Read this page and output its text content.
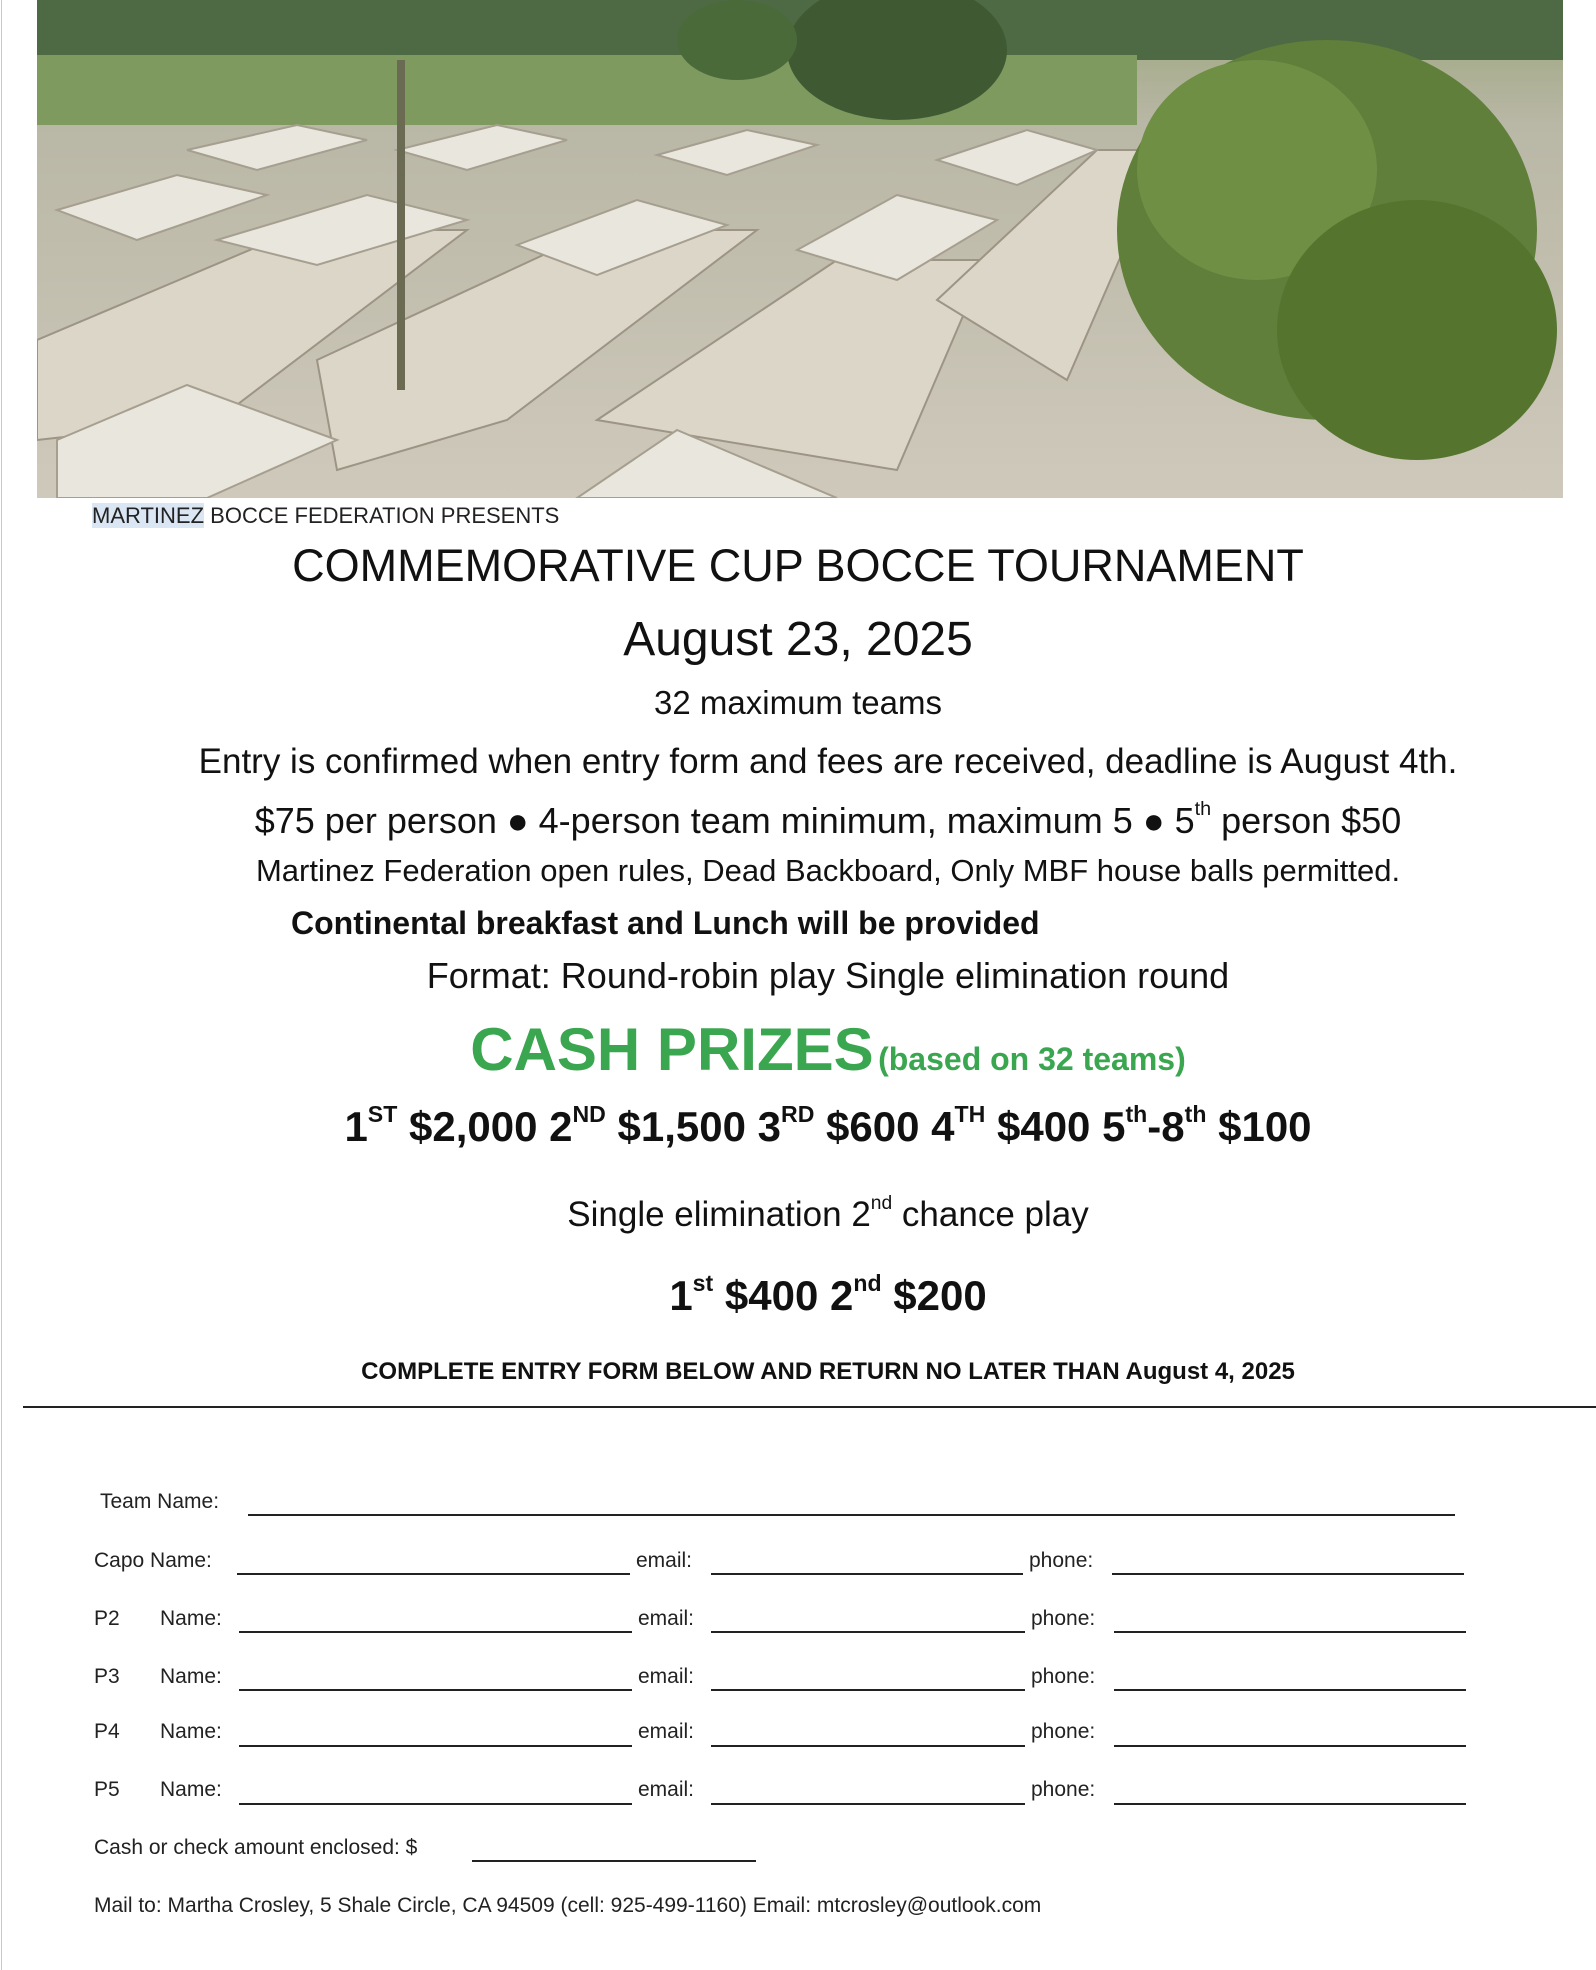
MARTINEZ BOCCE FEDERATION PRESENTS
COMMEMORATIVE CUP BOCCE TOURNAMENT
August 23, 2025
32 maximum teams
Entry is confirmed when entry form and fees are received, deadline is August 4th.
$75 per person ● 4-person team minimum, maximum 5 ● 5th person $50
Martinez Federation open rules, Dead Backboard, Only MBF house balls permitted.
Continental breakfast and Lunch will be provided
Format: Round-robin play Single elimination round
CASH PRIZES (based on 32 teams)
1ST $2,000 2ND $1,500 3RD $600 4TH $400 5th-8th $100
Single elimination 2nd chance play
1st $400 2nd $200
COMPLETE ENTRY FORM BELOW AND RETURN NO LATER THAN August 4, 2025
Team Name:
Capo Name:	email:	phone:
P2 Name:	email:	phone:
P3 Name:	email:	phone:
P4 Name:	email:	phone:
P5 Name:	email:	phone:
Cash or check amount enclosed: $
Mail to: Martha Crosley, 5 Shale Circle, CA 94509 (cell: 925-499-1160) Email: mtcrosley@outlook.com
